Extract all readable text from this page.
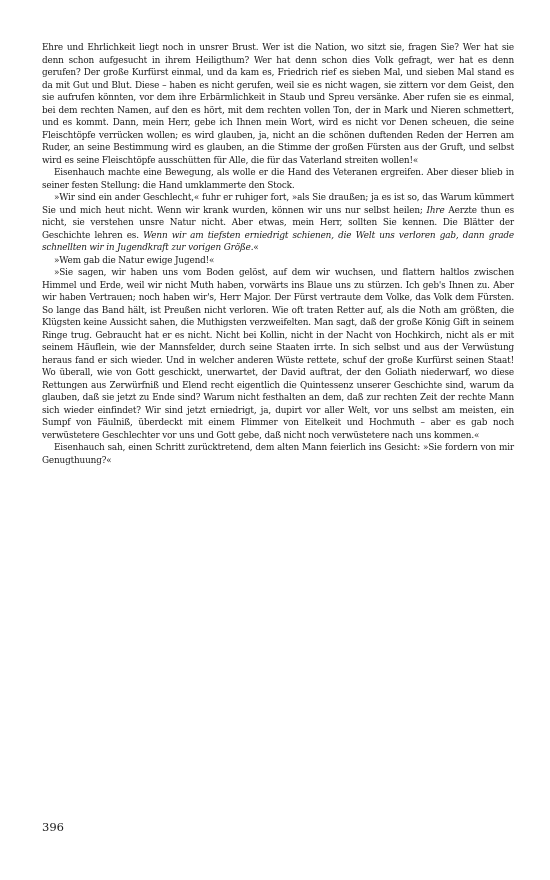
Ehre und Ehrlichkeit liegt noch in unsrer Brust. Wer ist die Nation, wo sitzt sie, fragen Sie? Wer hat sie denn schon aufgesucht in ihrem Heiligthum? Wer hat denn schon dies Volk gefragt, wer hat es denn gerufen? Der große Kurfürst einmal, und da kam es, Friedrich rief es sieben Mal, und sieben Mal stand es da mit Gut und Blut. Diese – haben es nicht gerufen, weil sie es nicht wagen, sie zittern vor dem Geist, den sie aufrufen könnten, vor dem ihre Erbärmlichkeit in Staub und Spreu versänke. Aber rufen sie es einmal, bei dem rechten Namen, auf den es hört, mit dem rechten vollen Ton, der in Mark und Nieren schmettert, und es kommt. Dann, mein Herr, gebe ich Ihnen mein Wort, wird es nicht vor Denen scheuen, die seine Fleischtöpfe verrücken wollen; es wird glauben, ja, nicht an die schönen duftenden Reden der Herren am Ruder, an seine Bestimmung wird es glauben, an die Stimme der großen Fürsten aus der Gruft, und selbst wird es seine Fleischtöpfe ausschütten für Alle, die für das Vaterland streiten wollen!«

Eisenhauch machte eine Bewegung, als wolle er die Hand des Veteranen ergreifen. Aber dieser blieb in seiner festen Stellung: die Hand umklammerte den Stock.

»Wir sind ein ander Geschlecht,« fuhr er ruhiger fort, »als Sie draußen; ja es ist so, das Warum kümmert Sie und mich heut nicht. Wenn wir krank wurden, können wir uns nur selbst heilen; Ihre Aerzte thun es nicht, sie verstehen unsre Natur nicht. Aber etwas, mein Herr, sollten Sie kennen. Die Blätter der Geschichte lehren es. Wenn wir am tiefsten erniedrigt schienen, die Welt uns verloren gab, dann grade schnellten wir in Jugendkraft zur vorigen Größe.«

»Wem gab die Natur ewige Jugend!«

»Sie sagen, wir haben uns vom Boden gelöst, auf dem wir wuchsen, und flattern haltlos zwischen Himmel und Erde, weil wir nicht Muth haben, vorwärts ins Blaue uns zu stürzen. Ich geb's Ihnen zu. Aber wir haben Vertrauen; noch haben wir's, Herr Major. Der Fürst vertraute dem Volke, das Volk dem Fürsten. So lange das Band hält, ist Preußen nicht verloren. Wie oft traten Retter auf, als die Noth am größten, die Klügsten keine Aussicht sahen, die Muthigsten verzweifelten. Man sagt, daß der große König Gift in seinem Ringe trug. Gebraucht hat er es nicht. Nicht bei Kollin, nicht in der Nacht von Hochkirch, nicht als er mit seinem Häuflein, wie der Mannsfelder, durch seine Staaten irrte. In sich selbst und aus der Verwüstung heraus fand er sich wieder. Und in welcher anderen Wüste rettete, schuf der große Kurfürst seinen Staat! Wo überall, wie von Gott geschickt, unerwartet, der David auftrat, der den Goliath niederwarf, wo diese Rettungen aus Zerwürfniß und Elend recht eigentlich die Quintessenz unserer Geschichte sind, warum da glauben, daß sie jetzt zu Ende sind? Warum nicht festhalten an dem, daß zur rechten Zeit der rechte Mann sich wieder einfindet? Wir sind jetzt erniedrigt, ja, dupirt vor aller Welt, vor uns selbst am meisten, ein Sumpf von Fäulniß, überdeckt mit einem Flimmer von Eitelkeit und Hochmuth – aber es gab noch verwüstetere Geschlechter vor uns und Gott gebe, daß nicht noch verwüstetere nach uns kommen.«

Eisenhauch sah, einen Schritt zurücktretend, dem alten Mann feierlich ins Gesicht: »Sie fordern von mir Genugthuung?«

396
